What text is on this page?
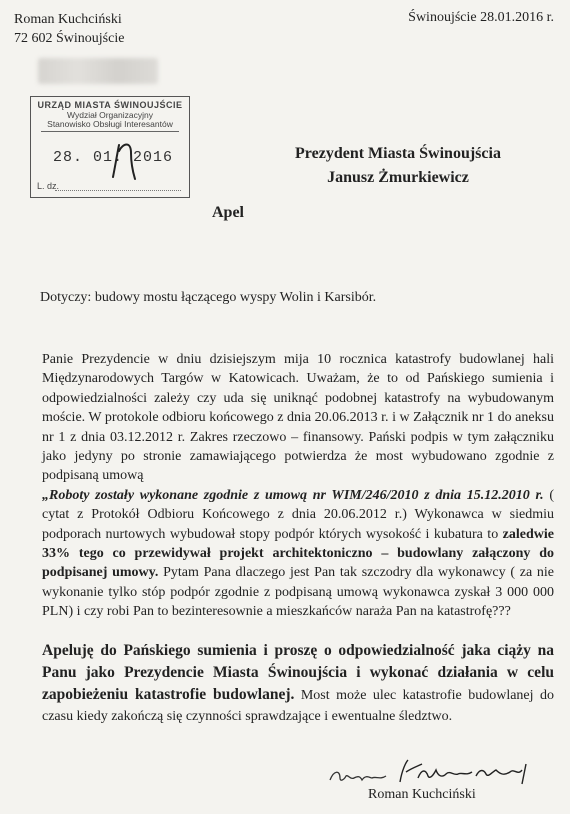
Roman Kuchciński
72 602 Świnoujście
Świnoujście 28.01.2016 r.
URZĄD MIASTA ŚWINOUJŚCIE
Wydział Organizacyjny
Stanowisko Obsługi Interesantów
28. 01. 2016
L. dz.
Prezydent Miasta Świnoujścia
Janusz Żmurkiewicz
Apel
Dotyczy: budowy mostu łączącego wyspy Wolin i Karsibór.

Panie Prezydencie w dniu dzisiejszym mija 10 rocznica katastrofy budowlanej hali Międzynarodowych Targów w Katowicach. Uważam, że to od Pańskiego sumienia i odpowiedzialności zależy czy uda się uniknąć podobnej katastrofy na wybudowanym moście. W protokole odbioru końcowego z dnia 20.06.2013 r. i w Załącznik nr 1 do aneksu nr 1 z dnia 03.12.2012 r. Zakres rzeczowo – finansowy. Pański podpis w tym załączniku jako jedyny po stronie zamawiającego potwierdza że most wybudowano zgodnie z podpisaną umową
„Roboty zostały wykonane zgodnie z umową nr WIM/246/2010 z dnia 15.12.2010 r. ( cytat z Protokół Odbioru Końcowego z dnia 20.06.2012 r.) Wykonawca w siedmiu podporach nurtowych wybudował stopy podpór których wysokość i kubatura to zaledwie 33% tego co przewidywał projekt architektoniczno – budowlany załączony do podpisanej umowy. Pytam Pana dlaczego jest Pan tak szczodry dla wykonawcy ( za nie wykonanie tylko stóp podpór zgodnie z podpisaną umową wykonawca zyskał 3 000 000 PLN) i czy robi Pan to bezinteresownie a mieszkańców naraża Pan na katastrofę???

Apeluję do Pańskiego sumienia i proszę o odpowiedzialność jaka ciąży na Panu jako Prezydencie Miasta Świnoujścia i wykonać działania w celu zapobieżeniu katastrofie budowlanej. Most może ulec katastrofie budowlanej do czasu kiedy zakończą się czynności sprawdzające i ewentualne śledztwo.
Roman Kuchciński
